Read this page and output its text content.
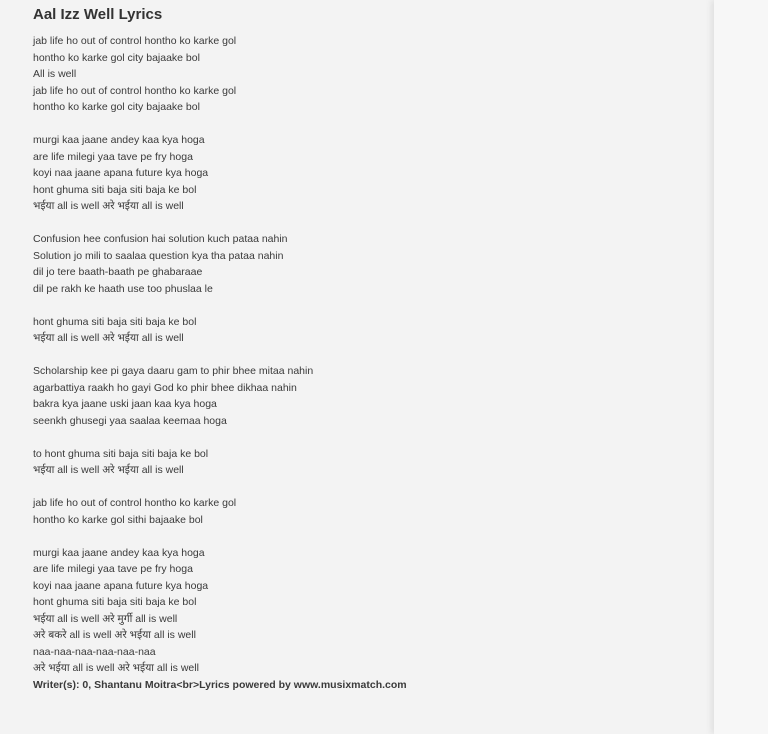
Aal Izz Well Lyrics
jab life ho out of control hontho ko karke gol
hontho ko karke gol city bajaake bol
All is well
jab life ho out of control hontho ko karke gol
hontho ko karke gol city bajaake bol
murgi kaa jaane andey kaa kya hoga
are life milegi yaa tave pe fry hoga
koyi naa jaane apana future kya hoga
hont ghuma siti baja siti baja ke bol
भईया all is well अरे भईया all is well
Confusion hee confusion hai solution kuch pataa nahin
Solution jo mili to saalaa question kya tha pataa nahin
dil jo tere baath-baath pe ghabaraae
dil pe rakh ke haath use too phuslaa le
hont ghuma siti baja siti baja ke bol
भईया all is well अरे भईया all is well
Scholarship kee pi gaya daaru gam to phir bhee mitaa nahin
agarbattiya raakh ho gayi God ko phir bhee dikhaa nahin
bakra kya jaane uski jaan kaa kya hoga
seenkh ghusegi yaa saalaa keemaa hoga
to hont ghuma siti baja siti baja ke bol
भईया all is well अरे भईया all is well
jab life ho out of control hontho ko karke gol
hontho ko karke gol sithi bajaake bol
murgi kaa jaane andey kaa kya hoga
are life milegi yaa tave pe fry hoga
koyi naa jaane apana future kya hoga
hont ghuma siti baja siti baja ke bol
भईया all is well अरे मुर्गी all is well
अरे बकरे all is well अरे भईया all is well
naa-naa-naa-naa-naa-naa
अरे भईया all is well अरे भईया all is well
Writer(s): 0, Shantanu Moitra<br>Lyrics powered by www.musixmatch.com
